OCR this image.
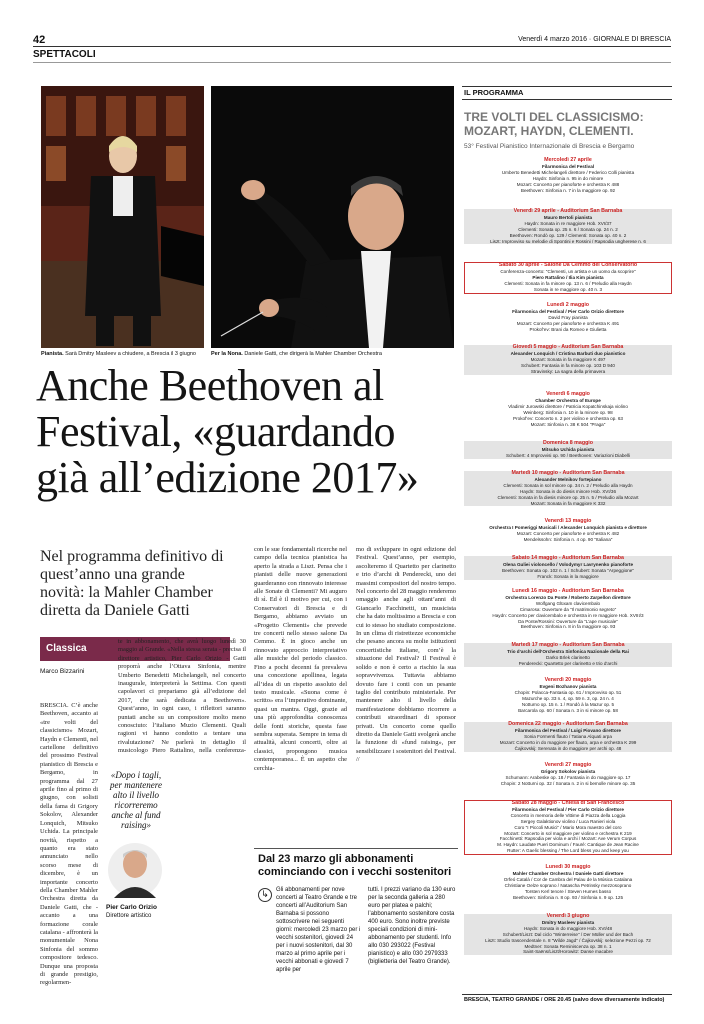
42	Venerdì 4 marzo 2016 · GIORNALE DI BRESCIA
SPETTACOLI
Pianista. Sarà Dmitry Masleev a chiudere, a Brescia il 3 giugno	Per la Nona. Daniele Gatti, che dirigerà la Mahler Chamber Orchestra
Anche Beethoven al Festival, «guardando già all’edizione 2017»
Nel programma definitivo di quest’anno una grande novità: la Mahler Chamber diretta da Daniele Gatti
Classica
Marco Bizzarini
BRESCIA. C’è anche Beethoven, accanto ai «tre volti del classicismo» Mozart, Haydn e Clementi, nel cartellone definitivo del prossimo Festival pianistico di Brescia e Bergamo, in programma dal 27 aprile fino al primo di giugno, con solisti della fama di Grigory Sokolov, Alexander Lonquich, Mitsuko Uchida. La principale novità, rispetto a quanto era stato annunciato nello scorso mese di dicembre, è un importante concerto della Chamber Mahler Orchestra diretta da Daniele Gatti, che - accanto a una formazione corale catalana - affronterà la monumentale Nona Sinfonia del sommo compositore tedesco. Dunque una proposta di grande prestigio, regolarmen-
te in abbonamento, che avrà luogo lunedì 30 maggio al Grande. «Nella stessa serata - precisa il direttore artistico, Pier Carlo Orizio - Gatti proporrà anche l’Ottava Sinfonia, mentre Umberto Benedetti Michelangeli, nel concerto inaugurale, interpreterà la Settima. Con questi capolavori ci prepariamo già all’edizione del 2017, che sarà dedicata a Beethoven». Quest’anno, in ogni caso, i riflettori saranno puntati anche su un compositore molto meno conosciuto: l’italiano Muzio Clementi. Quali ragioni vi hanno condotto a tentare una rivalutazione? Ne parlerà in dettaglio il musicologo Piero Rattalino, nella conferenza-
«Dopo i tagli, per mantenere alto il livello ricorreremo anche al fund raising»
Pier Carlo Orizio
Direttore artistico
con le sue fondamentali ricerche nel campo della tecnica pianistica ha aperto la strada a Liszt. Pensa che i pianisti delle nuove generazioni guarderanno con rinnovato interesse alle Sonate di Clementi? Mi auguro di sì. Ed è il motivo per cui, con i Conservatori di Brescia e di Bergamo, abbiamo avviato un «Progetto Clementi» che prevede tre concerti nello stesso salone Da Cemmo. È in gioco anche un rinnovato approccio interpretativo alle musiche del periodo classico. Fino a pochi decenni fa prevaleva una concezione apollinea, legata all’idea di un rispetto assoluto del testo musicale. «Suona come è scritto» era l’imperativo dominante, quasi un mantra. Oggi, grazie ad una più approfondita conoscenza delle fonti storiche, questa fase sembra superata. Sempre in tema di attualità, alcuni concerti, oltre ai classici, propongono musica contemporanea... È un aspetto che cerchia-
mo di sviluppare in ogni edizione del Festival. Quest’anno, per esempio, ascolteremo il Quartetto per clarinetto e trio d’archi di Penderecki, uno dei massimi compositori del nostro tempo. Nel concerto del 28 maggio renderemo omaggio anche agli ottant’anni di Giancarlo Facchinetti, un musicista che ha dato moltissimo a Brescia e con cui io stesso ho studiato composizione. In un clima di ristrettezze economiche che pesano ancora su molte istituzioni concertistiche italiane, com’è la situazione del Festival? Il Festival è solido e non è certo a rischio la sua sopravvivenza. Tuttavia abbiamo dovuto fare i conti con un pesante taglio del contributo ministeriale. Per mantenere alto il livello della manifestazione dobbiamo ricorrere a contributi straordinari di sponsor privati. Un concerto come quello diretto da Daniele Gatti svolgerà anche la funzione di «fund raising», per sensibilizzare i sostenitori del Festival. //
Dal 23 marzo gli abbonamenti cominciando con i vecchi sostenitori
↳	Gli abbonamenti per nove concerti al Teatro Grande e tre concerti all’Auditorium San Barnaba si possono sottoscrivere nei seguenti giorni: mercoledì 23 marzo per i vecchi sostenitori, giovedì 24 per i nuovi sostenitori, dal 30 marzo al primo aprile per i vecchi abbonati e giovedì 7 aprile per
tutti. I prezzi variano da 130 euro per la seconda galleria a 280 euro per platea e palchi; l’abbonamento sostenitore costa 400 euro. Sono inoltre previste speciali condizioni di mini-abbonamento per studenti. Info allo 030 293022 (Festival pianistico) e allo 030 2979333 (biglietteria del Teatro Grande).
IL PROGRAMMA
TRE VOLTI DEL CLASSICISMO: MOZART, HAYDN, CLEMENTI.
53° Festival Pianistico Internazionale di Brescia e Bergamo
Mercoledì 27 aprile
Filarmonica del Festival
Umberto Benedetti Michelangeli direttore / Federico Colli pianista
Haydn: Sinfonia n. 95 in do minore
Mozart: Concerto per pianoforte e orchestra K 488
Beethoven: Sinfonia n. 7 in la maggiore op. 92
Venerdì 29 aprile - Auditorium San Barnaba
Mauro Bertoli pianista
Haydn: Sonata in re maggiore Hob. XVI/37
Clementi: Sonata op. 25 n. 6 / Sonata op. 24 n. 2
Beethoven: Rondò op. 129 / Clementi: Sonata op. 40 n. 2
Liszt: Improvviso su melodie di Spontini e Rossini / Rapsodia ungherese n. 6
Sabato 30 aprile - Salone Da Cemmo del Conservatorio
Conferenza-concerto: "Clementi, un artista e un uomo da scoprire"
Piero Rattalino / Ilia Kim pianista
Clementi: Sonata in fa minore op. 13 n. 6 / Preludio alla Haydn
Sonata in re maggiore op. 40 n. 3
Lunedì 2 maggio
Filarmonica del Festival / Pier Carlo Orizio direttore
David Fray pianista
Mozart: Concerto per pianoforte e orchestra K 491
Prokof’ev: Brani da Romeo e Giulietta
Giovedì 5 maggio - Auditorium San Barnaba
Alexander Lonquich / Cristina Barbuti duo pianistico
Mozart: Sonata in fa maggiore K 497
Schubert: Fantasia in fa minore op. 103 D 940
Stravinsky: La sagra della primavera
Venerdì 6 maggio
Chamber Orchestra of Europe
Vladimir Jurowski direttore / Patricia Kopatchinskaja violino
Weinberg: Sinfonia n. 10 in la minore op. 98
Prokof’ev: Concerto n. 2 per violino e orchestra op. 63
Mozart: Sinfonia n. 38 K 504 "Praga"
Domenica 8 maggio
Mitsuko Uchida pianista
Schubert: 4 Improvvisi op. 90 / Beethoven: Variazioni Diabelli
Martedì 10 maggio - Auditorium San Barnaba
Alexander Melnikov fortepiano
Clementi: Sonata in sol minore op. 34 n. 2 / Preludio alla Haydn
Haydn: Sonata in do diesis minore Hob. XVI/36
Clementi: Sonata in fa diesis minore op. 25 n. 5 / Preludio alla Mozart
Mozart: Sonata in fa maggiore K 332
Venerdì 13 maggio
Orchestra I Pomeriggi Musicali / Alexander Lonquich pianista e direttore
Mozart: Concerto per pianoforte e orchestra K 482
Mendelssohn: Sinfonia n. 4 op. 90 "Italiana"
Sabato 14 maggio - Auditorium San Barnaba
Olena Guliei violoncello / Volodymyr Lavrynenko pianoforte
Beethoven: Sonata op. 102 n. 1 / Schubert: Sonata "Arpeggione"
Franck: Sonata in la maggiore
Lunedì 16 maggio - Auditorium San Barnaba
Orchestra Lorenzo Da Ponte / Roberto Zarpellon direttore
Wolfgang Glüxam clavicembalo
Cimarosa: Ouverture da "Il matrimonio segreto"
Haydn: Concerto per clavicembalo e orchestra in re maggiore Hob. XVIII/3
Da Ponte/Rossini: Ouverture da "L’ape musicale"
Beethoven: Sinfonia n. 8 in fa maggiore op. 93
Martedì 17 maggio - Auditorium San Barnaba
Trio d’archi dell’Orchestra Sinfonica Nazionale della Rai
Darko Brlek clarinetto
Penderecki: Quartetto per clarinetto e trio d’archi
Venerdì 20 maggio
Evgeni Bozhanov pianista
Chopin: Polacca-Fantasia op. 61 / Improvviso op. 51
Mazurche op. 33 n. 4, op. 59 n. 3, op. 24 n. 4
Notturno op. 15 n. 1 / Rondò à la Mazur op. 5
Barcarola op. 60 / Sonata n. 3 in si minore op. 58
Domenica 22 maggio - Auditorium San Barnaba
Filarmonica del Festival / Luigi Piovano direttore
Sonia Formenti flauto / Tatiana Alquati arpa
Mozart: Concerto in do maggiore per flauto, arpa e orchestra K 299
Čajkovskij: Serenata in do maggiore per archi op. 48
Venerdì 27 maggio
Grigory Sokolov pianista
Schumann: Arabeske op. 18 / Fantasia in do maggiore op. 17
Chopin: 2 Notturni op. 32 / Sonata n. 2 in si bemolle minore op. 35
Sabato 28 maggio - Chiesa di San Francesco
Filarmonica del Festival / Pier Carlo Orizio direttore
Concerto in memoria delle Vittime di Piazza della Loggia
Sergey Galaktionov violino / Luca Ranieri viola
Coro "I Piccoli Musici" / Mario Mora maestro del coro
Mozart: Concerto in sol maggiore per violino e orchestra K 219
Facchinetti: Rapsodia per viola e archi / Mozart: Ave Verum Corpus
M. Haydn: Laudate Pueri Dominum / Fauré: Cantique de Jean Racine
Rutter: A Gaelic blessing / The Lord bless you and keep you
Lunedì 30 maggio
Mahler Chamber Orchestra / Daniele Gatti direttore
Orfeó Català / Cor de Cambra del Palau de la Música Catalana
Christiane Oelze soprano / Natascha Petrinsky mezzosoprano
Torsten Kerl tenore / Steven Humes basso
Beethoven: Sinfonia n. 8 op. 93 / Sinfonia n. 9 op. 125
Venerdì 3 giugno
Dmitry Masleev pianista
Haydn: Sonata in do maggiore Hob. XVI/48
Schubert/Liszt: Dal ciclo "Winterreise" / Der Müller und der Bach
Liszt: Studio trascendentale n. 8 "Wilde Jagd" / Čajkovskij: selezione Pezzi op. 72
Medtner: Sonata Reminiscenza op. 38 n. 1
Saint-Saëns/Liszt/Horowitz: Danse macabre
BRESCIA, TEATRO GRANDE / ORE 20.45 (salvo dove diversamente indicato)
